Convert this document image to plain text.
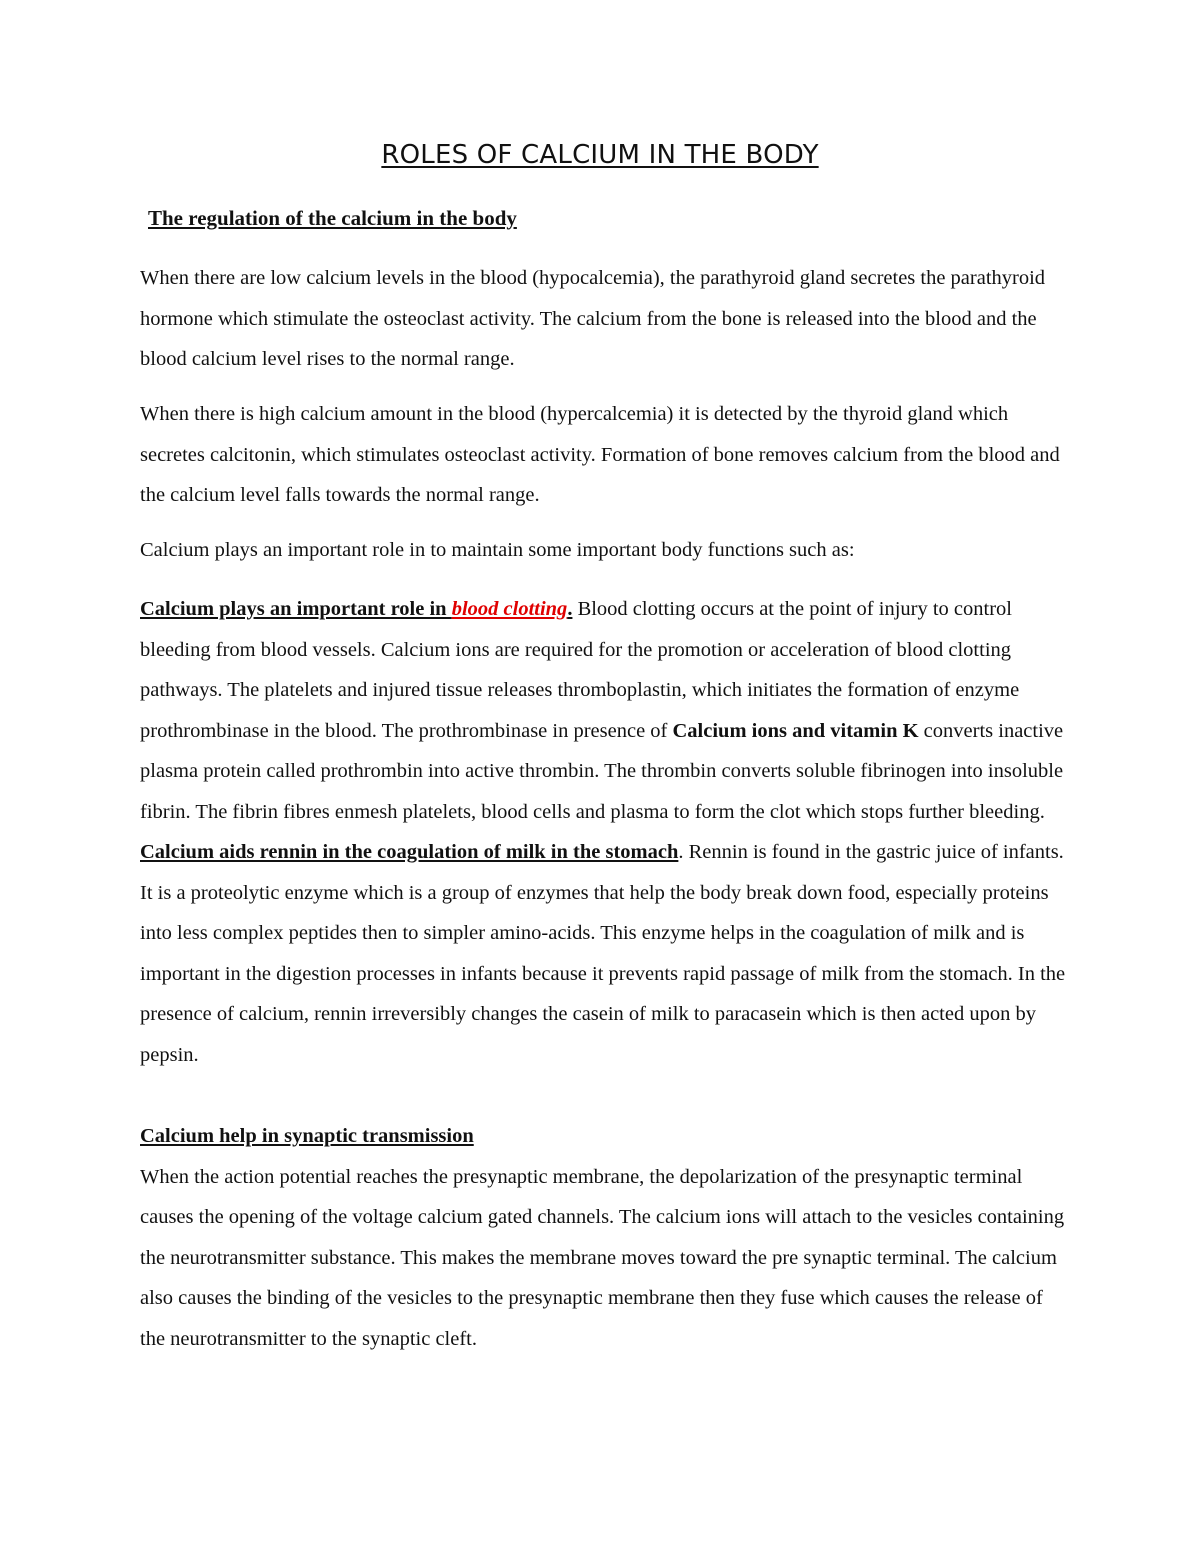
ROLES OF CALCIUM IN THE BODY
The regulation of the calcium in the body
When there are low calcium levels in the blood (hypocalcemia), the parathyroid gland secretes the parathyroid hormone which stimulate the osteoclast activity. The calcium from the bone is released into the blood and the blood calcium level rises to the normal range.
When there is high calcium amount in the blood (hypercalcemia) it is detected by the thyroid gland which secretes calcitonin, which stimulates osteoclast activity. Formation of bone removes calcium from the blood and the calcium level falls towards the normal range.
Calcium plays an important role in to maintain some important body functions such as:
Calcium plays an important role in blood clotting. Blood clotting occurs at the point of injury to control bleeding from blood vessels. Calcium ions are required for the promotion or acceleration of blood clotting pathways. The platelets and injured tissue releases thromboplastin, which initiates the formation of enzyme prothrombinase in the blood. The prothrombinase in presence of Calcium ions and vitamin K converts inactive plasma protein called prothrombin into active thrombin. The thrombin converts soluble fibrinogen into insoluble fibrin. The fibrin fibres enmesh platelets, blood cells and plasma to form the clot which stops further bleeding.
Calcium aids rennin in the coagulation of milk in the stomach. Rennin is found in the gastric juice of infants. It is a proteolytic enzyme which is a group of enzymes that help the body break down food, especially proteins into less complex peptides then to simpler amino-acids. This enzyme helps in the coagulation of milk and is important in the digestion processes in infants because it prevents rapid passage of milk from the stomach. In the presence of calcium, rennin irreversibly changes the casein of milk to paracasein which is then acted upon by pepsin.
Calcium help in synaptic transmission
When the action potential reaches the presynaptic membrane, the depolarization of the presynaptic terminal causes the opening of the voltage calcium gated channels. The calcium ions will attach to the vesicles containing the neurotransmitter substance. This makes the membrane moves toward the pre synaptic terminal. The calcium also causes the binding of the vesicles to the presynaptic membrane then they fuse which causes the release of the neurotransmitter to the synaptic cleft.
